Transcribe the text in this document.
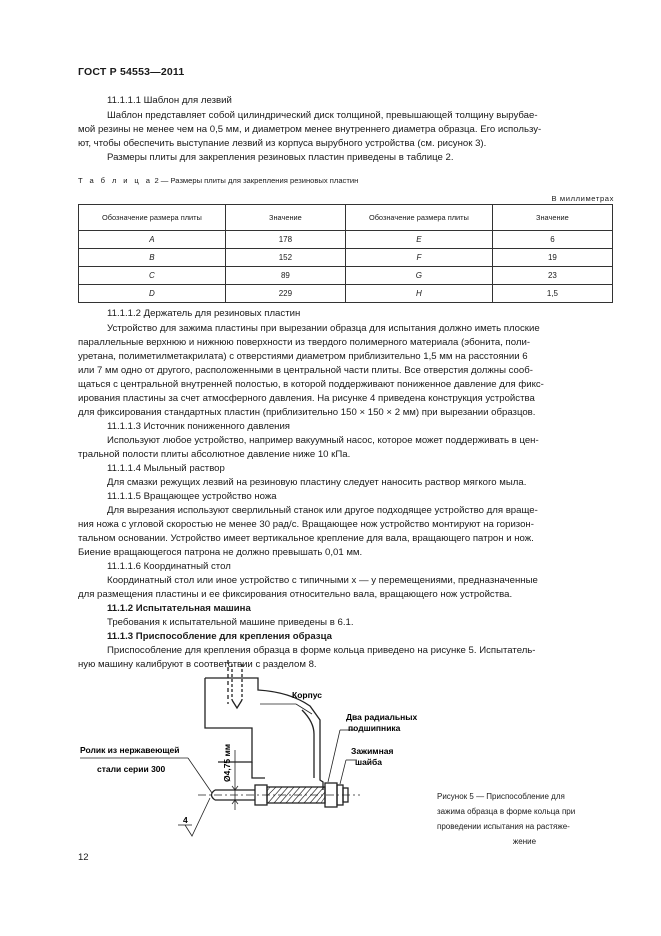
ГОСТ Р 54553—2011
11.1.1.1 Шаблон для лезвий
Шаблон представляет собой цилиндрический диск толщиной, превышающей толщину вырубае-
мой резины не менее чем на 0,5 мм, и диаметром менее внутреннего диаметра образца. Его использу-
ют, чтобы обеспечить выступание лезвий из корпуса вырубного устройства (см. рисунок 3).
Размеры плиты для закрепления резиновых пластин приведены в таблице 2.
Т а б л и ц а 2 — Размеры плиты для закрепления резиновых пластин
В миллиметрах
Обозначение размера плиты	Значение	Обозначение размера плиты	Значение
A	178	E	6
B	152	F	19
C	89	G	23
D	229	H	1,5
11.1.1.2 Держатель для резиновых пластин
Устройство для зажима пластины при вырезании образца для испытания должно иметь плоские
параллельные верхнюю и нижнюю поверхности из твердого полимерного материала (эбонита, поли-
уретана, полиметилметакрилата) с отверстиями диаметром приблизительно 1,5 мм на расстоянии 6
или 7 мм одно от другого, расположенными в центральной части плиты. Все отверстия должны сооб-
щаться с центральной внутренней полостью, в которой поддерживают пониженное давление для фикс-
ирования пластины за счет атмосферного давления. На рисунке 4 приведена конструкция устройства
для фиксирования стандартных пластин (приблизительно 150 × 150 × 2 мм) при вырезании образцов.
11.1.1.3 Источник пониженного давления
Используют любое устройство, например вакуумный насос, которое может поддерживать в цен-
тральной полости плиты абсолютное давление ниже 10 кПа.
11.1.1.4 Мыльный раствор
Для смазки режущих лезвий на резиновую пластину следует наносить раствор мягкого мыла.
11.1.1.5 Вращающее устройство ножа
Для вырезания используют сверлильный станок или другое подходящее устройство для враще-
ния ножа с угловой скоростью не менее 30 рад/с. Вращающее нож устройство монтируют на горизон-
тальном основании. Устройство имеет вертикальное крепление для вала, вращающего патрон и нож.
Биение вращающегося патрона не должно превышать 0,01 мм.
11.1.1.6 Координатный стол
Координатный стол или иное устройство с типичными x — y перемещениями, предназначенные
для размещения пластины и ее фиксирования относительно вала, вращающего нож устройства.
11.1.2 Испытательная машина
Требования к испытательной машине приведены в 6.1.
11.1.3 Приспособление для крепления образца
Приспособление для крепления образца в форме кольца приведено на рисунке 5. Испытатель-
ную машину калибруют в соответствии с разделом 8.
Корпус
Два радиальных
подшипника
Зажимная
шайба
Ролик из нержавеющей
стали серии 300	Ø4,75 мм
4
Рисунок 5 — Приспособление для
зажима образца в форме кольца при
проведении испытания на растяже-
жение
12
